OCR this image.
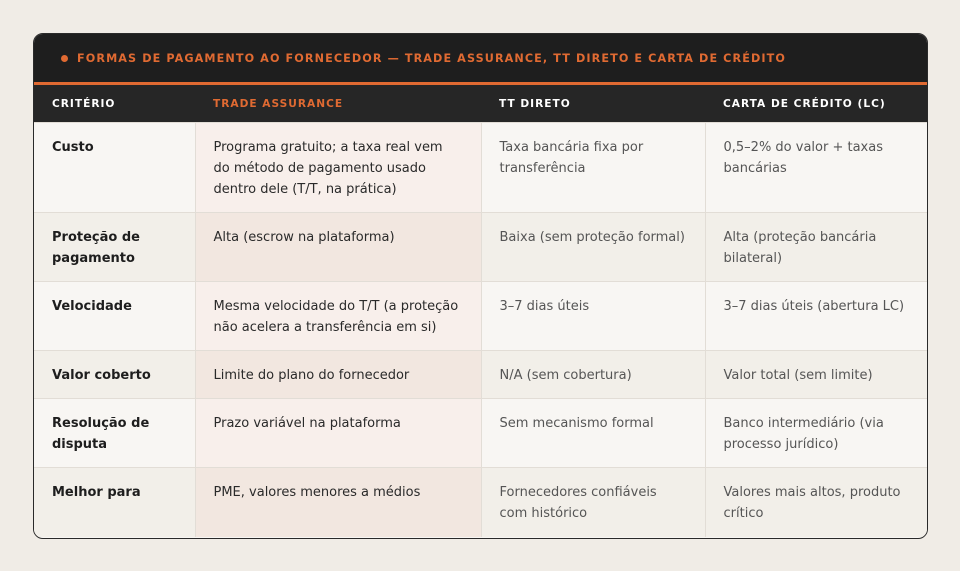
FORMAS DE PAGAMENTO AO FORNECEDOR — TRADE ASSURANCE, TT DIRETO E CARTA DE CRÉDITO
CRITÉRIO	TRADE ASSURANCE	TT DIRETO	CARTA DE CRÉDITO (LC)
Custo	Programa gratuito; a taxa real vem do método de pagamento usado dentro dele (T/T, na prática)	Taxa bancária fixa por transferência	0,5–2% do valor + taxas bancárias
Proteção de pagamento	Alta (escrow na plataforma)	Baixa (sem proteção formal)	Alta (proteção bancária bilateral)
Velocidade	Mesma velocidade do T/T (a proteção não acelera a transferência em si)	3–7 dias úteis	3–7 dias úteis (abertura LC)
Valor coberto	Limite do plano do fornecedor	N/A (sem cobertura)	Valor total (sem limite)
Resolução de disputa	Prazo variável na plataforma	Sem mecanismo formal	Banco intermediário (via processo jurídico)
Melhor para	PME, valores menores a médios	Fornecedores confiáveis com histórico	Valores mais altos, produto crítico
